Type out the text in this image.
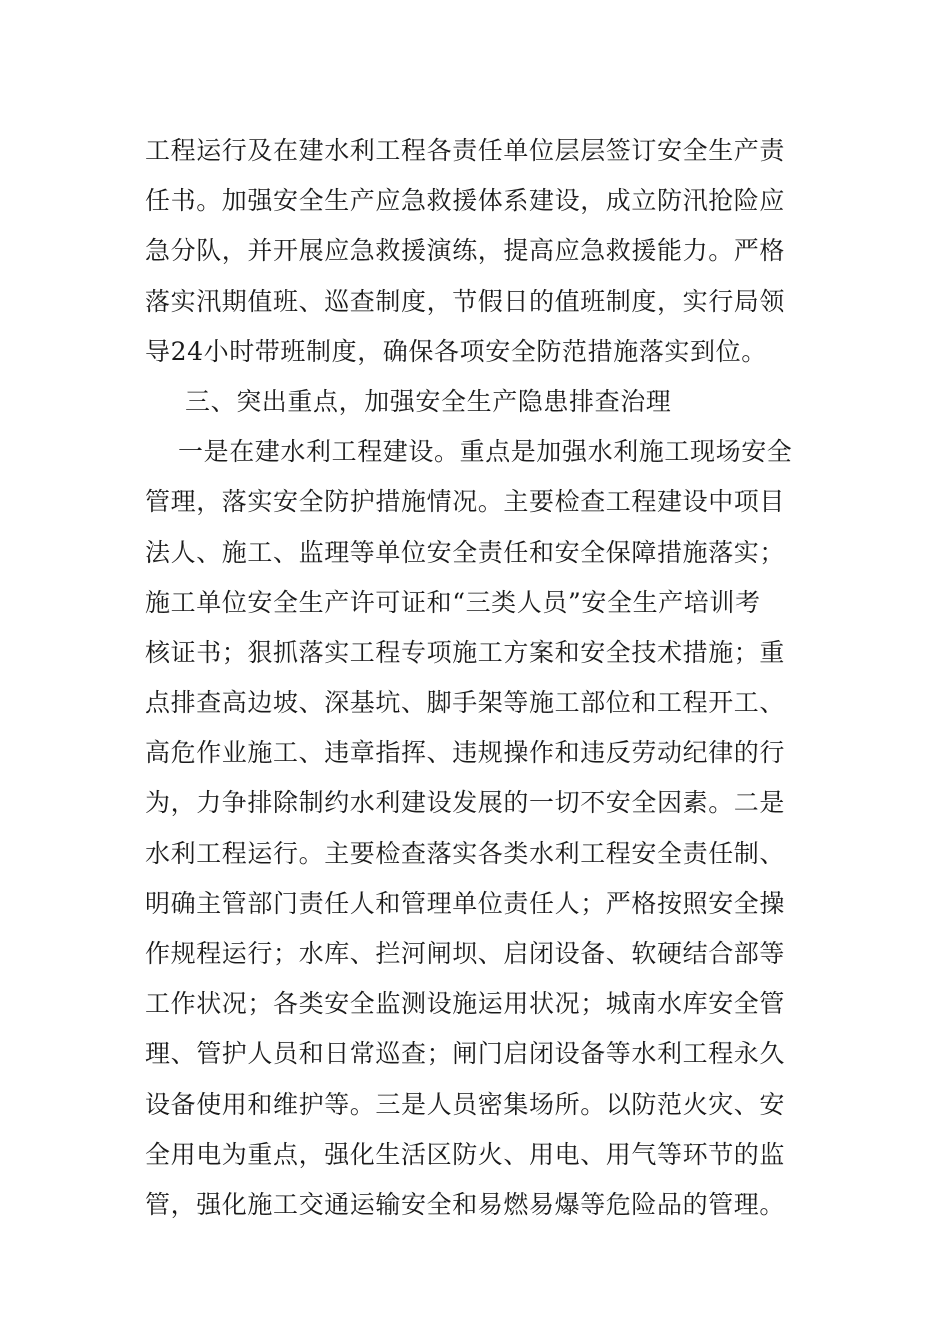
工程运行及在建水利工程各责任单位层层签订安全生产责
任书。加强安全生产应急救援体系建设，成立防汛抢险应
急分队，并开展应急救援演练，提高应急救援能力。严格
落实汛期值班、巡查制度，节假日的值班制度，实行局领
导24小时带班制度，确保各项安全防范措施落实到位。
三、突出重点，加强安全生产隐患排查治理
一是在建水利工程建设。重点是加强水利施工现场安全
管理，落实安全防护措施情况。主要检查工程建设中项目
法人、施工、监理等单位安全责任和安全保障措施落实；
施工单位安全生产许可证和“三类人员”安全生产培训考
核证书；狠抓落实工程专项施工方案和安全技术措施；重
点排查高边坡、深基坑、脚手架等施工部位和工程开工、
高危作业施工、违章指挥、违规操作和违反劳动纪律的行
为，力争排除制约水利建设发展的一切不安全因素。二是
水利工程运行。主要检查落实各类水利工程安全责任制、
明确主管部门责任人和管理单位责任人；严格按照安全操
作规程运行；水库、拦河闸坝、启闭设备、软硬结合部等
工作状况；各类安全监测设施运用状况；城南水库安全管
理、管护人员和日常巡查；闸门启闭设备等水利工程永久
设备使用和维护等。三是人员密集场所。以防范火灾、安
全用电为重点，强化生活区防火、用电、用气等环节的监
管，强化施工交通运输安全和易燃易爆等危险品的管理。
